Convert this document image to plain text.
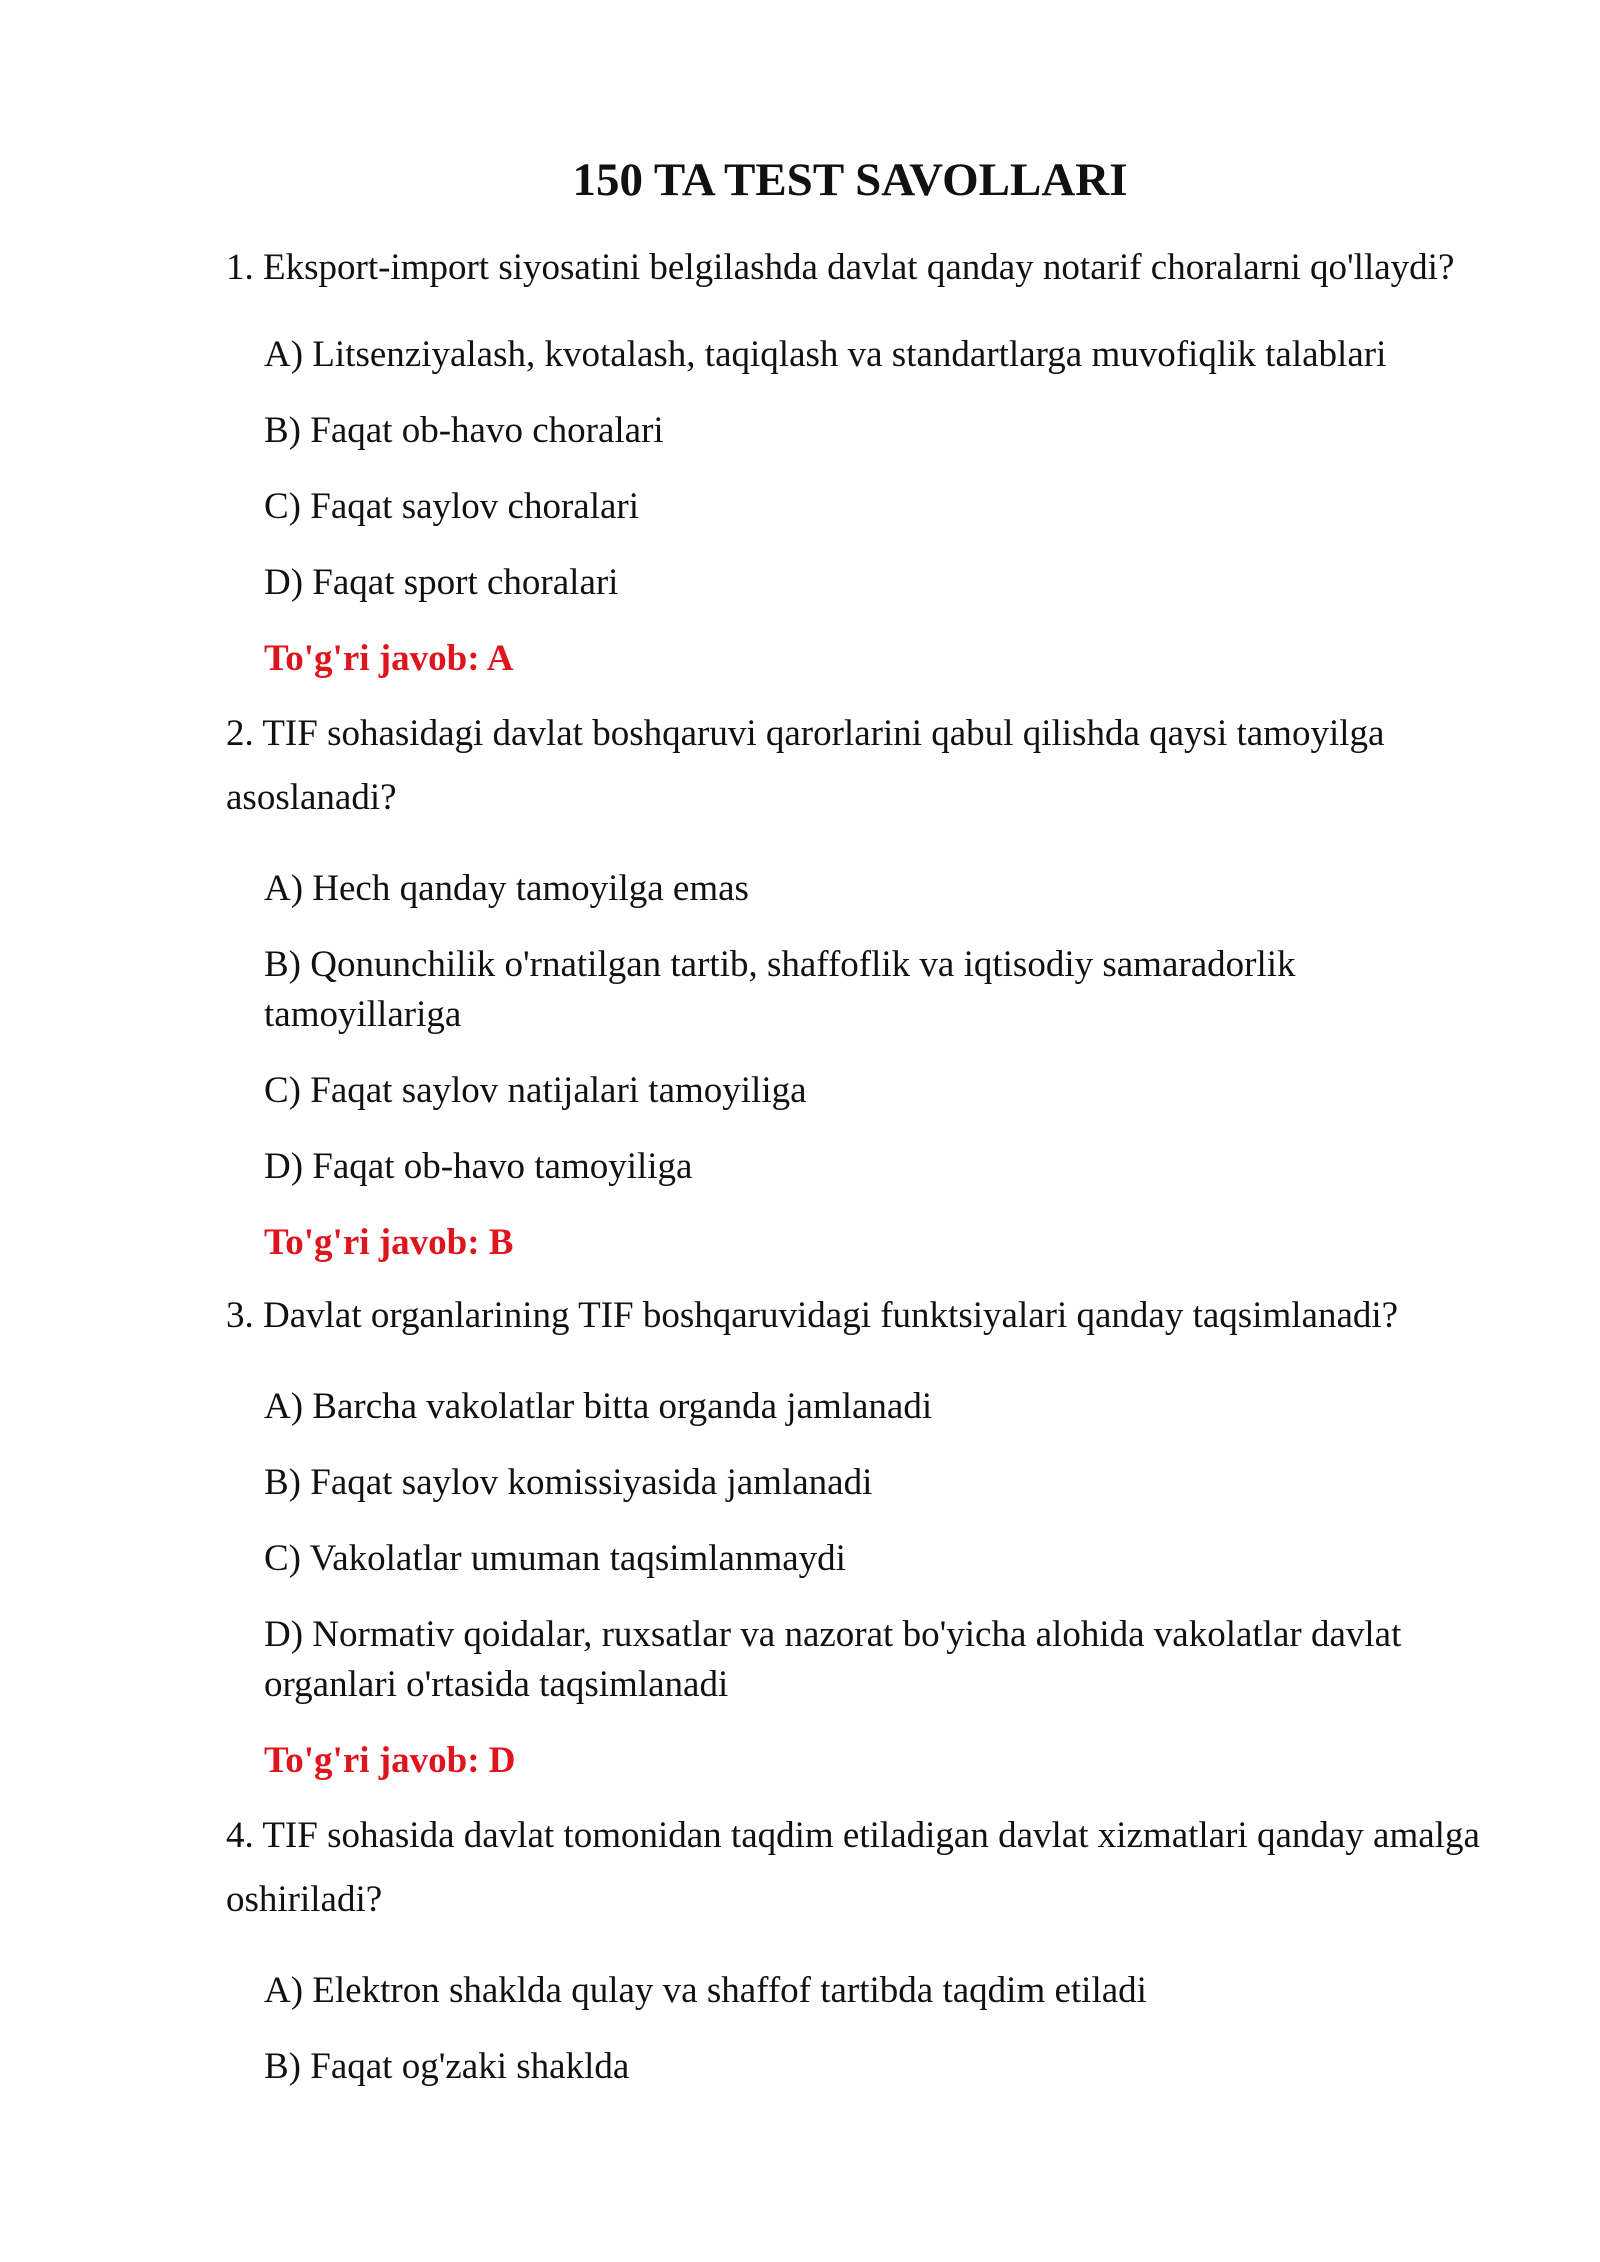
150 TA TEST SAVOLLARI
1. Eksport-import siyosatini belgilashda davlat qanday notarif choralarni qo'llaydi?
A) Litsenziyalash, kvotalash, taqiqlash va standartlarga muvofiqlik talablari
B) Faqat ob-havo choralari
C) Faqat saylov choralari
D) Faqat sport choralari
To'g'ri javob: A
2. TIF sohasidagi davlat boshqaruvi qarorlarini qabul qilishda qaysi tamoyilga asoslanadi?
A) Hech qanday tamoyilga emas
B) Qonunchilik o'rnatilgan tartib, shaffoflik va iqtisodiy samaradorlik tamoyillariga
C) Faqat saylov natijalari tamoyiliga
D) Faqat ob-havo tamoyiliga
To'g'ri javob: B
3. Davlat organlarining TIF boshqaruvidagi funktsiyalari qanday taqsimlanadi?
A) Barcha vakolatlar bitta organda jamlanadi
B) Faqat saylov komissiyasida jamlanadi
C) Vakolatlar umuman taqsimlanmaydi
D) Normativ qoidalar, ruxsatlar va nazorat bo'yicha alohida vakolatlar davlat organlari o'rtasida taqsimlanadi
To'g'ri javob: D
4. TIF sohasida davlat tomonidan taqdim etiladigan davlat xizmatlari qanday amalga oshiriladi?
A) Elektron shaklda qulay va shaffof tartibda taqdim etiladi
B) Faqat og'zaki shaklda
